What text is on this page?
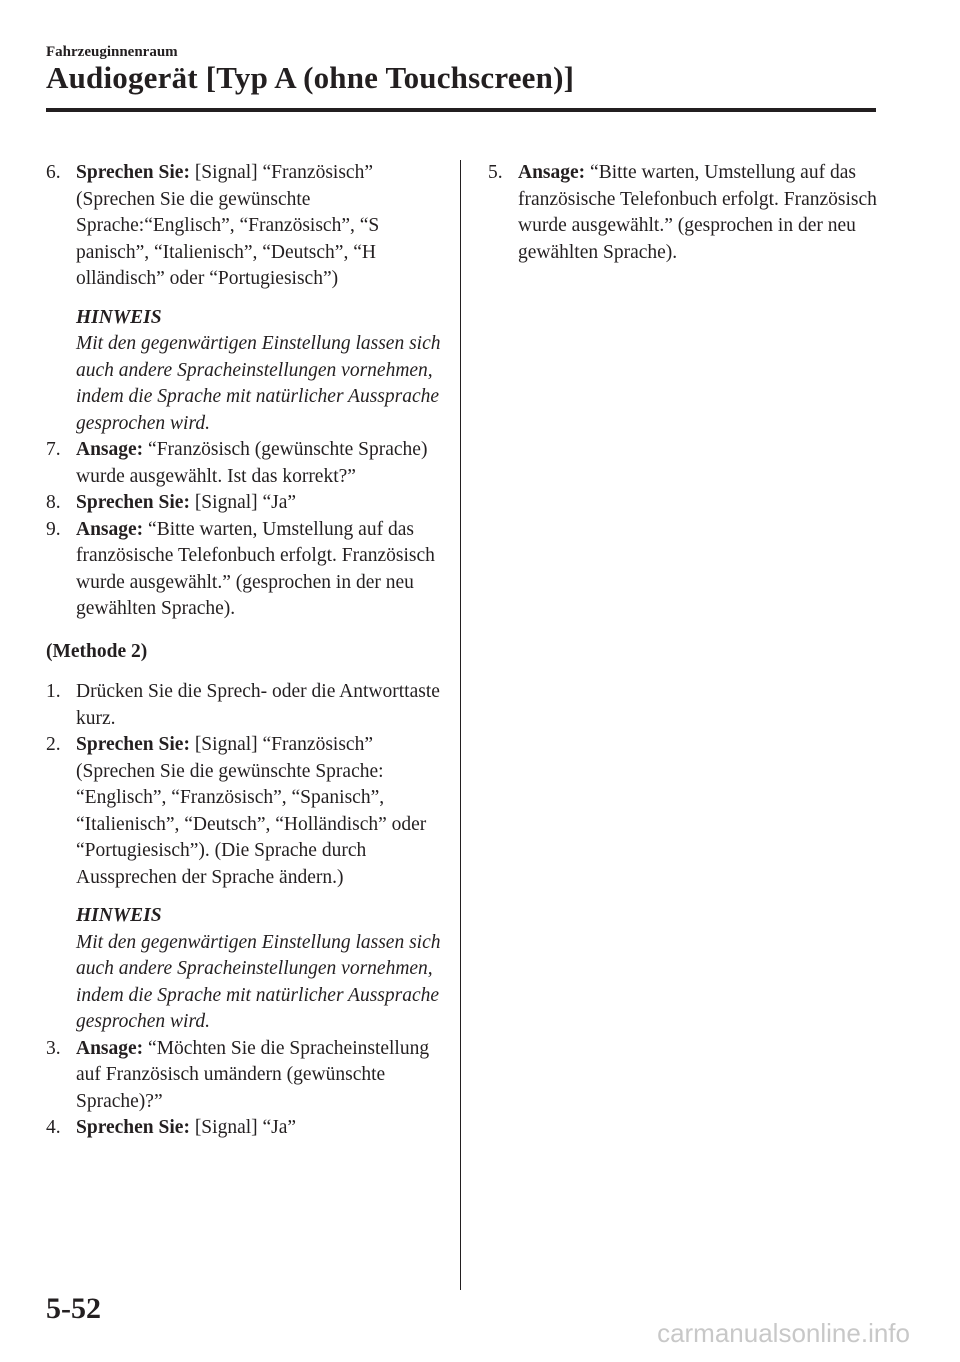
Fahrzeuginnenraum
Audiogerät [Typ A (ohne Touchscreen)]
6. Sprechen Sie: [Signal] “Französisch” (Sprechen Sie die gewünschte Sprache:“Englisch”, “Französisch”, “S panisch”, “Italienisch”, “Deutsch”, “H olländisch” oder “Portugiesisch”)
HINWEIS
Mit den gegenwärtigen Einstellung lassen sich auch andere Spracheinstellungen vornehmen, indem die Sprache mit natürlicher Aussprache gesprochen wird.
7. Ansage: “Französisch (gewünschte Sprache) wurde ausgewählt. Ist das korrekt?”
8. Sprechen Sie: [Signal] “Ja”
9. Ansage: “Bitte warten, Umstellung auf das französische Telefonbuch erfolgt. Französisch wurde ausgewählt.” (gesprochen in der neu gewählten Sprache).
(Methode 2)
1. Drücken Sie die Sprech- oder die Antworttaste kurz.
2. Sprechen Sie: [Signal] “Französisch” (Sprechen Sie die gewünschte Sprache: “Englisch”, “Französisch”, “Spanisch”, “Italienisch”, “Deutsch”, “Holländisch” oder “Portugiesisch”). (Die Sprache durch Aussprechen der Sprache ändern.)
HINWEIS
Mit den gegenwärtigen Einstellung lassen sich auch andere Spracheinstellungen vornehmen, indem die Sprache mit natürlicher Aussprache gesprochen wird.
3. Ansage: “Möchten Sie die Spracheinstellung auf Französisch umändern (gewünschte Sprache)?”
4. Sprechen Sie: [Signal] “Ja”
5. Ansage: “Bitte warten, Umstellung auf das französische Telefonbuch erfolgt. Französisch wurde ausgewählt.” (gesprochen in der neu gewählten Sprache).
5-52
carmanualsonline.info
